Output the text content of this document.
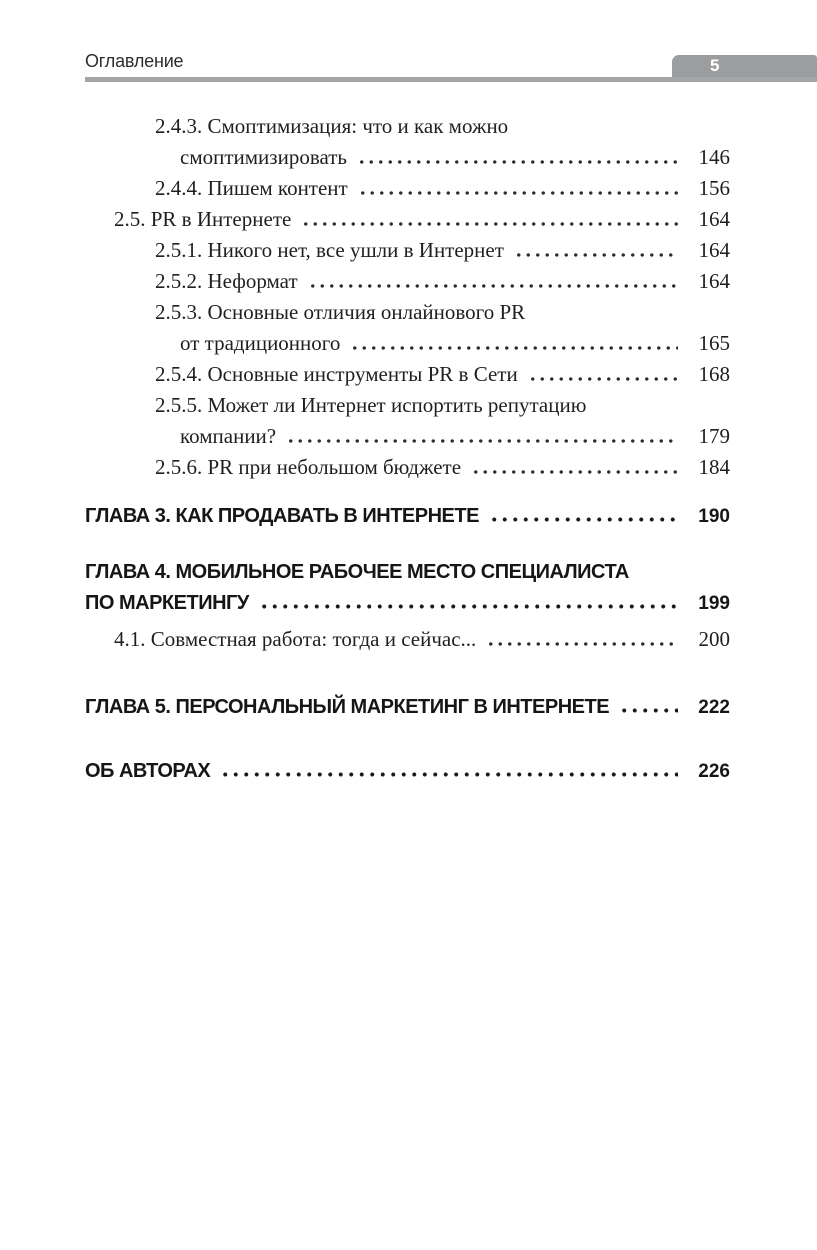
Оглавление	5
2.4.3. Смоптимизация: что и как можно
смоптимизировать	146
2.4.4. Пишем контент	156
2.5. PR в Интернете	164
2.5.1. Никого нет, все ушли в Интернет	164
2.5.2. Неформат	164
2.5.3. Основные отличия онлайнового PR
от традиционного	165
2.5.4. Основные инструменты PR в Сети	168
2.5.5. Может ли Интернет испортить репутацию
компании?	179
2.5.6. PR при небольшом бюджете	184
ГЛАВА 3. КАК ПРОДАВАТЬ В ИНТЕРНЕТЕ	190
ГЛАВА 4. МОБИЛЬНОЕ РАБОЧЕЕ МЕСТО СПЕЦИАЛИСТА
ПО МАРКЕТИНГУ	199
4.1. Совместная работа: тогда и сейчас...	200
ГЛАВА 5. ПЕРСОНАЛЬНЫЙ МАРКЕТИНГ В ИНТЕРНЕТЕ	222
ОБ АВТОРАХ	226
